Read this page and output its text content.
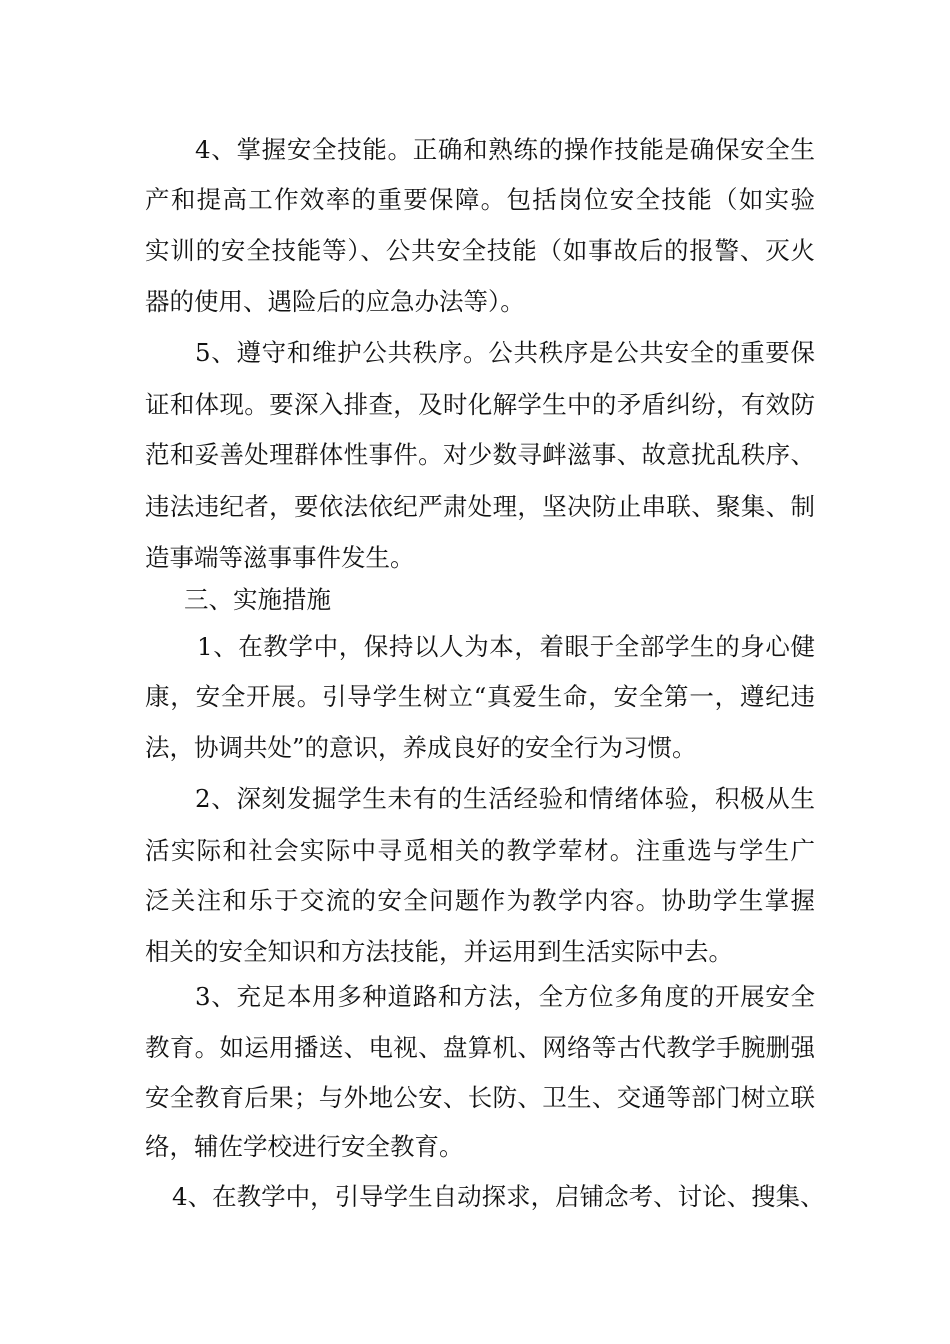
4、掌握安全技能。正确和熟练的操作技能是确保安全生
产和提高工作效率的重要保障。包括岗位安全技能（如实验
实训的安全技能等）、公共安全技能（如事故后的报警、灭火
器的使用、遇险后的应急办法等）。
5、遵守和维护公共秩序。公共秩序是公共安全的重要保
证和体现。要深入排查，及时化解学生中的矛盾纠纷，有效防
范和妥善处理群体性事件。对少数寻衅滋事、故意扰乱秩序、
违法违纪者，要依法依纪严肃处理，坚决防止串联、聚集、制
造事端等滋事事件发生。
三、实施措施
1、在教学中，保持以人为本，着眼于全部学生的身心健
康，安全开展。引导学生树立“真爱生命，安全第一，遵纪违
法，协调共处”的意识，养成良好的安全行为习惯。
2、深刻发掘学生未有的生活经验和情绪体验，积极从生
活实际和社会实际中寻觅相关的教学荤材。注重选与学生广
泛关注和乐于交流的安全问题作为教学内容。协助学生掌握
相关的安全知识和方法技能，并运用到生活实际中去。
3、充足本用多种道路和方法，全方位多角度的开展安全
教育。如运用播送、电视、盘算机、网络等古代教学手腕删强
安全教育后果；与外地公安、长防、卫生、交通等部门树立联
络，辅佐学校进行安全教育。
4、在教学中，引导学生自动探求，启铺念考、讨论、搜集、
